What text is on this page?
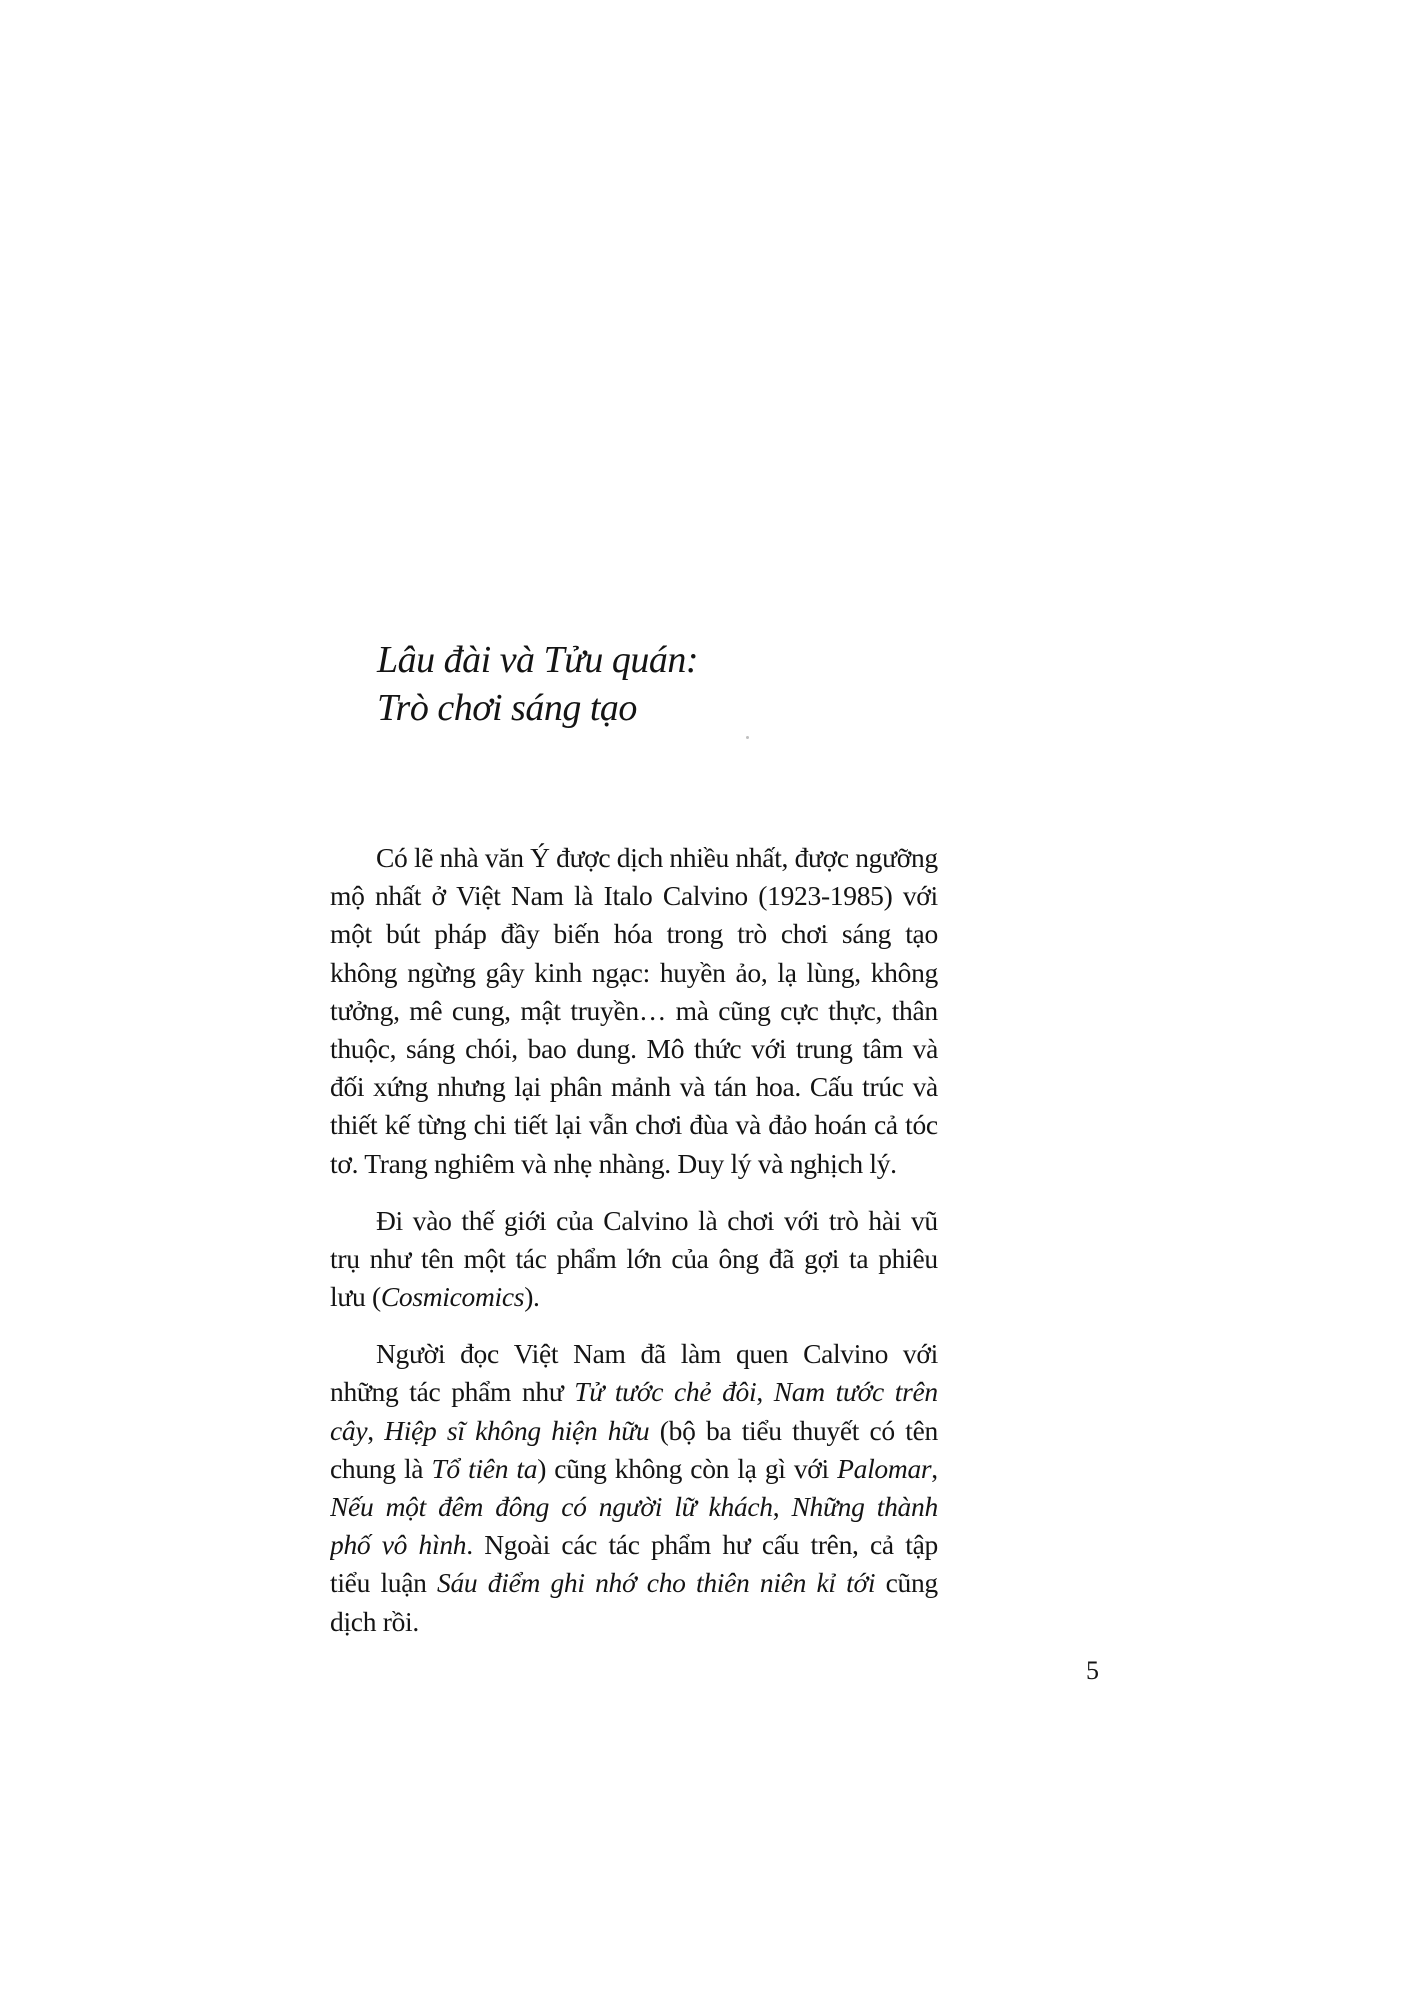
Lâu đài và Tửu quán:
Trò chơi sáng tạo
Có lẽ nhà văn Ý được dịch nhiều nhất, được ngưỡng
mộ nhất ở Việt Nam là Italo Calvino (1923-1985) với
một bút pháp đầy biến hóa trong trò chơi sáng tạo
không ngừng gây kinh ngạc: huyền ảo, lạ lùng, không
tưởng, mê cung, mật truyền… mà cũng cực thực, thân
thuộc, sáng chói, bao dung. Mô thức với trung tâm và
đối xứng nhưng lại phân mảnh và tán hoa. Cấu trúc và
thiết kế từng chi tiết lại vẫn chơi đùa và đảo hoán cả tóc
tơ. Trang nghiêm và nhẹ nhàng. Duy lý và nghịch lý.
Đi vào thế giới của Calvino là chơi với trò hài vũ
trụ như tên một tác phẩm lớn của ông đã gợi ta phiêu
lưu (Cosmicomics).
Người đọc Việt Nam đã làm quen Calvino với
những tác phẩm như Tử tước chẻ đôi, Nam tước trên
cây, Hiệp sĩ không hiện hữu (bộ ba tiểu thuyết có tên
chung là Tổ tiên ta) cũng không còn lạ gì với Palomar,
Nếu một đêm đông có người lữ khách, Những thành
phố vô hình. Ngoài các tác phẩm hư cấu trên, cả tập
tiểu luận Sáu điểm ghi nhớ cho thiên niên kỉ tới cũng
dịch rồi.
5
